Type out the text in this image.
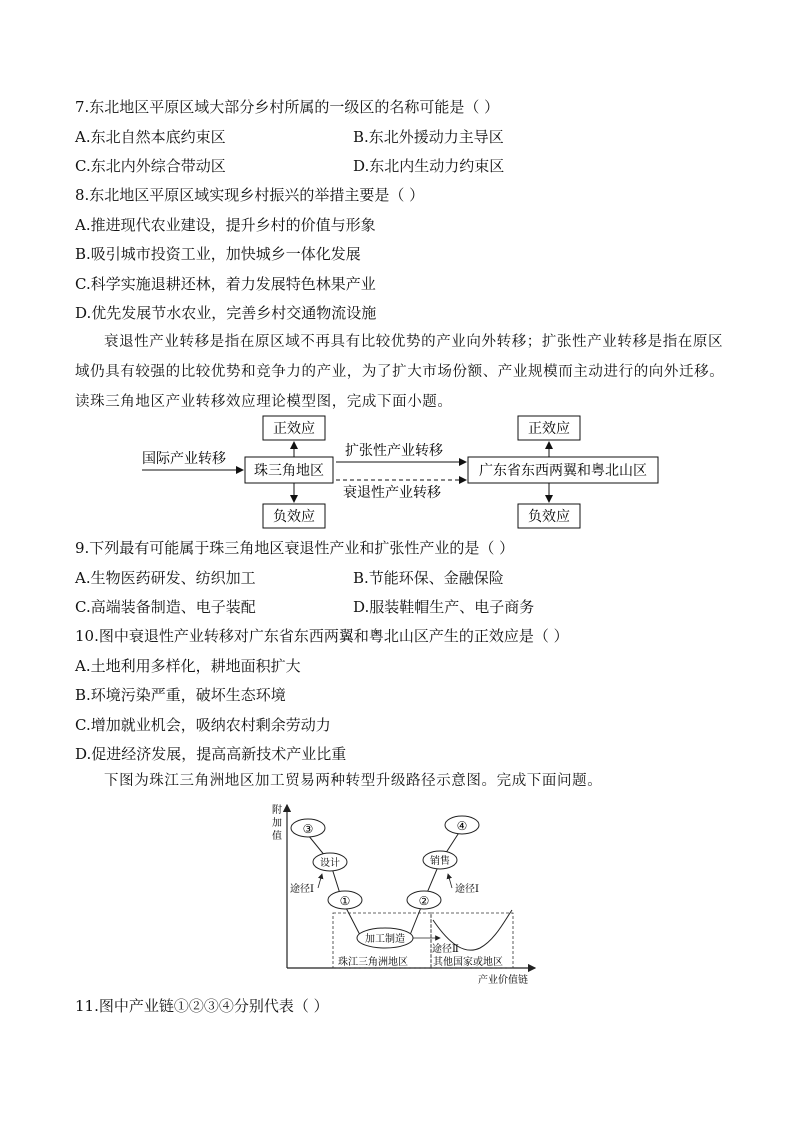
7.东北地区平原区域大部分乡村所属的一级区的名称可能是（ ）
A.东北自然本底约束区	B.东北外援动力主导区
C.东北内外综合带动区	D.东北内生动力约束区
8.东北地区平原区域实现乡村振兴的举措主要是（ ）
A.推进现代农业建设，提升乡村的价值与形象
B.吸引城市投资工业，加快城乡一体化发展
C.科学实施退耕还林，着力发展特色林果产业
D.优先发展节水农业，完善乡村交通物流设施
衰退性产业转移是指在原区域不再具有比较优势的产业向外转移；扩张性产业转移是指在原区域仍具有较强的比较优势和竞争力的产业，为了扩大市场份额、产业规模而主动进行的向外迁移。读珠三角地区产业转移效应理论模型图，完成下面小题。
正效应
珠三角地区
负效应
国际产业转移	扩张性产业转移
衰退性产业转移
正效应
广东省东西两翼和粤北山区
负效应
9.下列最有可能属于珠三角地区衰退性产业和扩张性产业的是（ ）
A.生物医药研发、纺织加工	B.节能环保、金融保险
C.高端装备制造、电子装配	D.服装鞋帽生产、电子商务
10.图中衰退性产业转移对广东省东西两翼和粤北山区产生的正效应是（ ）
A.土地利用多样化，耕地面积扩大
B.环境污染严重，破坏生态环境
C.增加就业机会，吸纳农村剩余劳动力
D.促进经济发展，提高高新技术产业比重
下图为珠江三角洲地区加工贸易两种转型升级路径示意图。完成下面问题。
附
加
值
产业价值链
珠江三角洲地区	其他国家或地区
③
设计
①
加工制造
②
销售
④
途径Ⅰ	途径Ⅰ
途径Ⅱ
11.图中产业链①②③④分别代表（ ）
